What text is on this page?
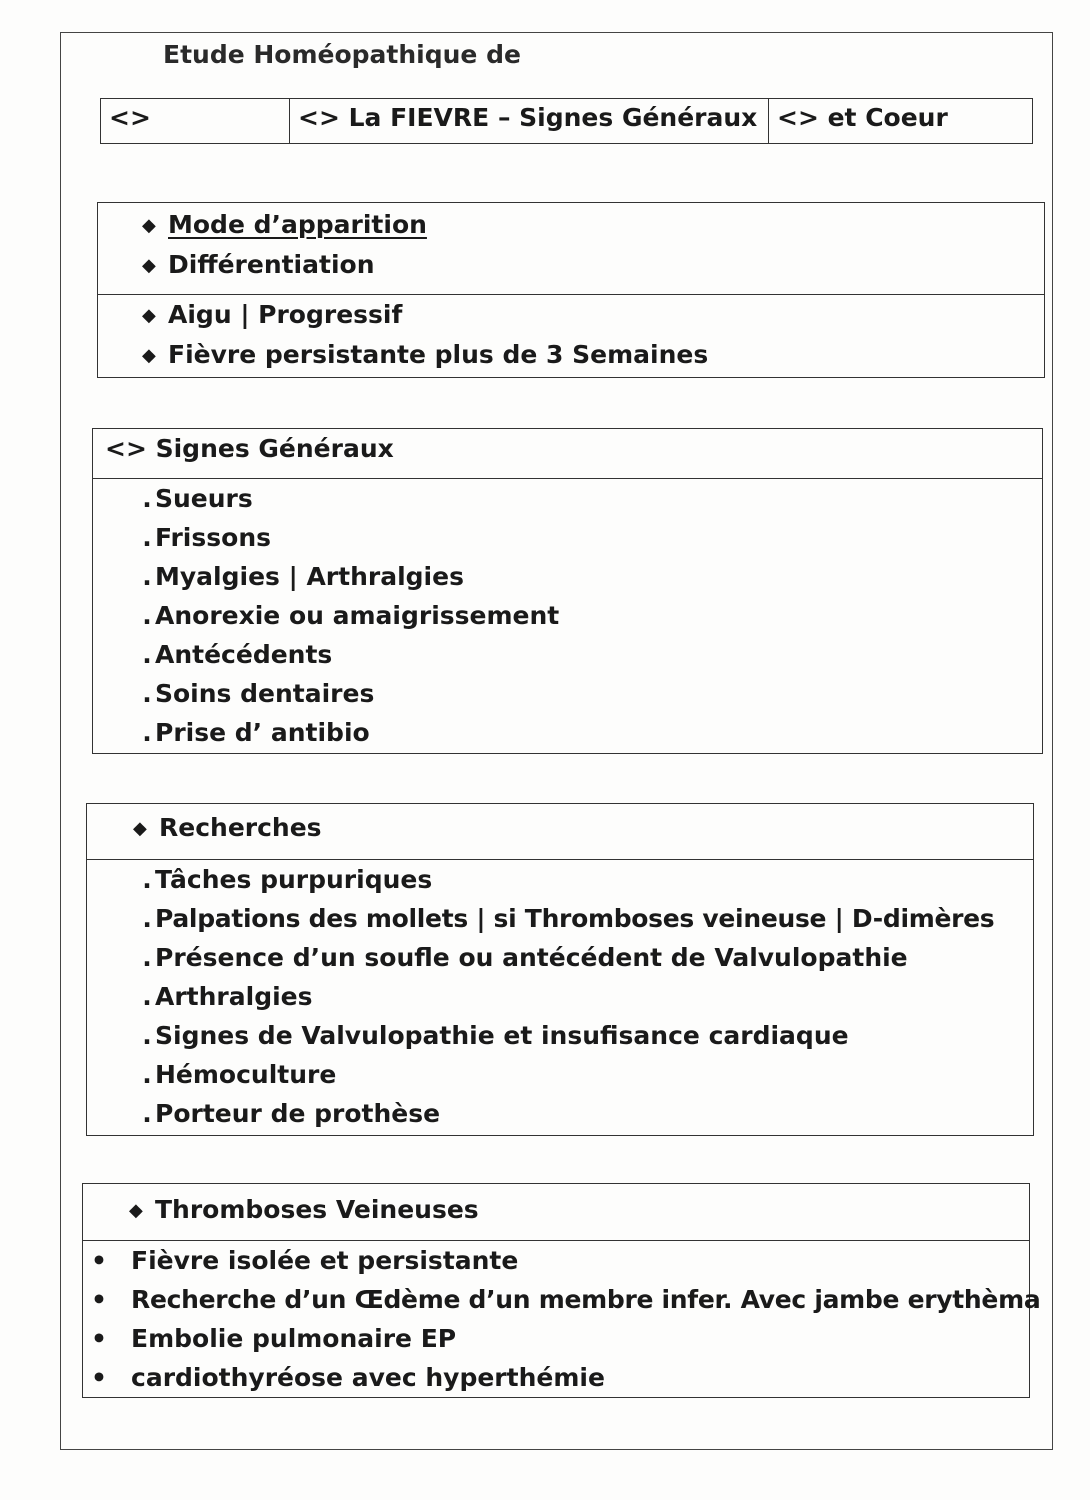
Etude Homéopathique de
<>	<> La FIEVRE – Signes Généraux <> et Coeur
◆ Mode d’apparition
◆ Différentiation
◆ Aigu | Progressif
◆ Fièvre persistante plus de 3 Semaines
<> Signes Généraux
. Sueurs
. Frissons
. Myalgies | Arthralgies
. Anorexie ou amaigrissement
. Antécédents
. Soins dentaires
. Prise d’ antibio
◆ Recherches
. Tâches purpuriques
. Palpations des mollets | si Thromboses veineuse | D-dimères
. Présence d’un soufle ou antécédent de Valvulopathie
. Arthralgies
. Signes de Valvulopathie et insufisance cardiaque
. Hémoculture
. Porteur de prothèse
◆ Thromboses Veineuses
• Fièvre isolée et persistante
• Recherche d’un Œdème d’un membre infer. Avec jambe erythèma
• Embolie pulmonaire EP
• cardiothyréose avec hyperthémie
